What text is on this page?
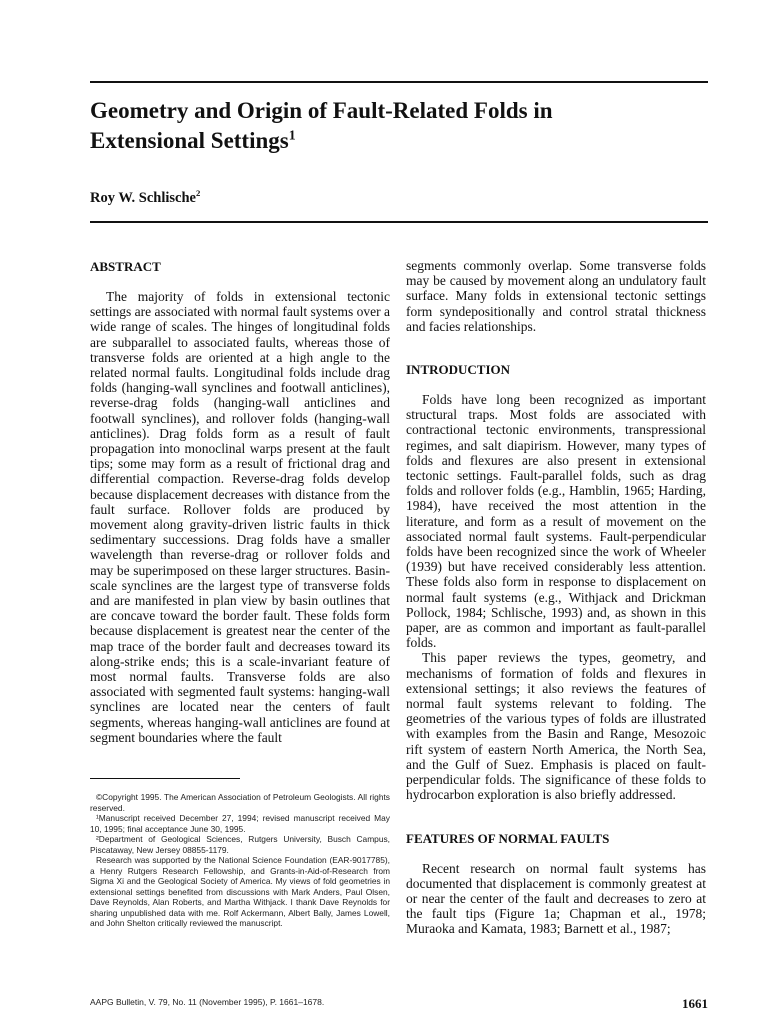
Geometry and Origin of Fault-Related Folds in Extensional Settings$^1$

Roy W. Schlische$^2$

ABSTRACT

The majority of folds in extensional tectonic settings are associated with normal fault systems over a wide range of scales. The hinges of longitudinal folds are subparallel to associated faults, whereas those of transverse folds are oriented at a high angle to the related normal faults. Longitudinal folds include drag folds (hanging-wall synclines and footwall anticlines), reverse-drag folds (hanging-wall anticlines and footwall synclines), and rollover folds (hanging-wall anticlines). Drag folds form as a result of fault propagation into monoclinal warps present at the fault tips; some may form as a result of frictional drag and differential compaction. Reverse-drag folds develop because displacement decreases with distance from the fault surface. Rollover folds are produced by movement along gravity-driven listric faults in thick sedimentary successions. Drag folds have a smaller wavelength than reverse-drag or rollover folds and may be superimposed on these larger structures. Basin-scale synclines are the largest type of transverse folds and are manifested in plan view by basin outlines that are concave toward the border fault. These folds form because displacement is greatest near the center of the map trace of the border fault and decreases toward its along-strike ends; this is a scale-invariant feature of most normal faults. Transverse folds are also associated with segmented fault systems: hanging-wall synclines are located near the centers of fault segments, whereas hanging-wall anticlines are found at segment boundaries where the fault

segments commonly overlap. Some transverse folds may be caused by movement along an undulatory fault surface. Many folds in extensional tectonic settings form syndepositionally and control stratal thickness and facies relationships.

INTRODUCTION

Folds have long been recognized as important structural traps. Most folds are associated with contractional tectonic environments, transpressional regimes, and salt diapirism. However, many types of folds and flexures are also present in extensional tectonic settings. Fault-parallel folds, such as drag folds and rollover folds (e.g., Hamblin, 1965; Harding, 1984), have received the most attention in the literature, and form as a result of movement on the associated normal fault systems. Fault-perpendicular folds have been recognized since the work of Wheeler (1939) but have received considerably less attention. These folds also form in response to displacement on normal fault systems (e.g., Withjack and Drickman Pollock, 1984; Schlische, 1993) and, as shown in this paper, are as common and important as fault-parallel folds.

This paper reviews the types, geometry, and mechanisms of formation of folds and flexures in extensional settings; it also reviews the features of normal fault systems relevant to folding. The geometries of the various types of folds are illustrated with examples from the Basin and Range, Mesozoic rift system of eastern North America, the North Sea, and the Gulf of Suez. Emphasis is placed on fault-perpendicular folds. The significance of these folds to hydrocarbon exploration is also briefly addressed.

FEATURES OF NORMAL FAULTS

Recent research on normal fault systems has documented that displacement is commonly greatest at or near the center of the fault and decreases to zero at the fault tips (Figure 1a; Chapman et al., 1978; Muraoka and Kamata, 1983; Barnett et al., 1987;

©Copyright 1995. The American Association of Petroleum Geologists. All rights reserved.

¹Manuscript received December 27, 1994; revised manuscript received May 10, 1995; final acceptance June 30, 1995.

²Department of Geological Sciences, Rutgers University, Busch Campus, Piscataway, New Jersey 08855-1179.

Research was supported by the National Science Foundation (EAR-9017785), a Henry Rutgers Research Fellowship, and Grants-in-Aid-of-Research from Sigma Xi and the Geological Society of America. My views of fold geometries in extensional settings benefited from discussions with Mark Anders, Paul Olsen, Dave Reynolds, Alan Roberts, and Martha Withjack. I thank Dave Reynolds for sharing unpublished data with me. Rolf Ackermann, Albert Bally, James Lowell, and John Shelton critically reviewed the manuscript.

AAPG Bulletin, V. 79, No. 11 (November 1995), P. 1661–1678.	1661
